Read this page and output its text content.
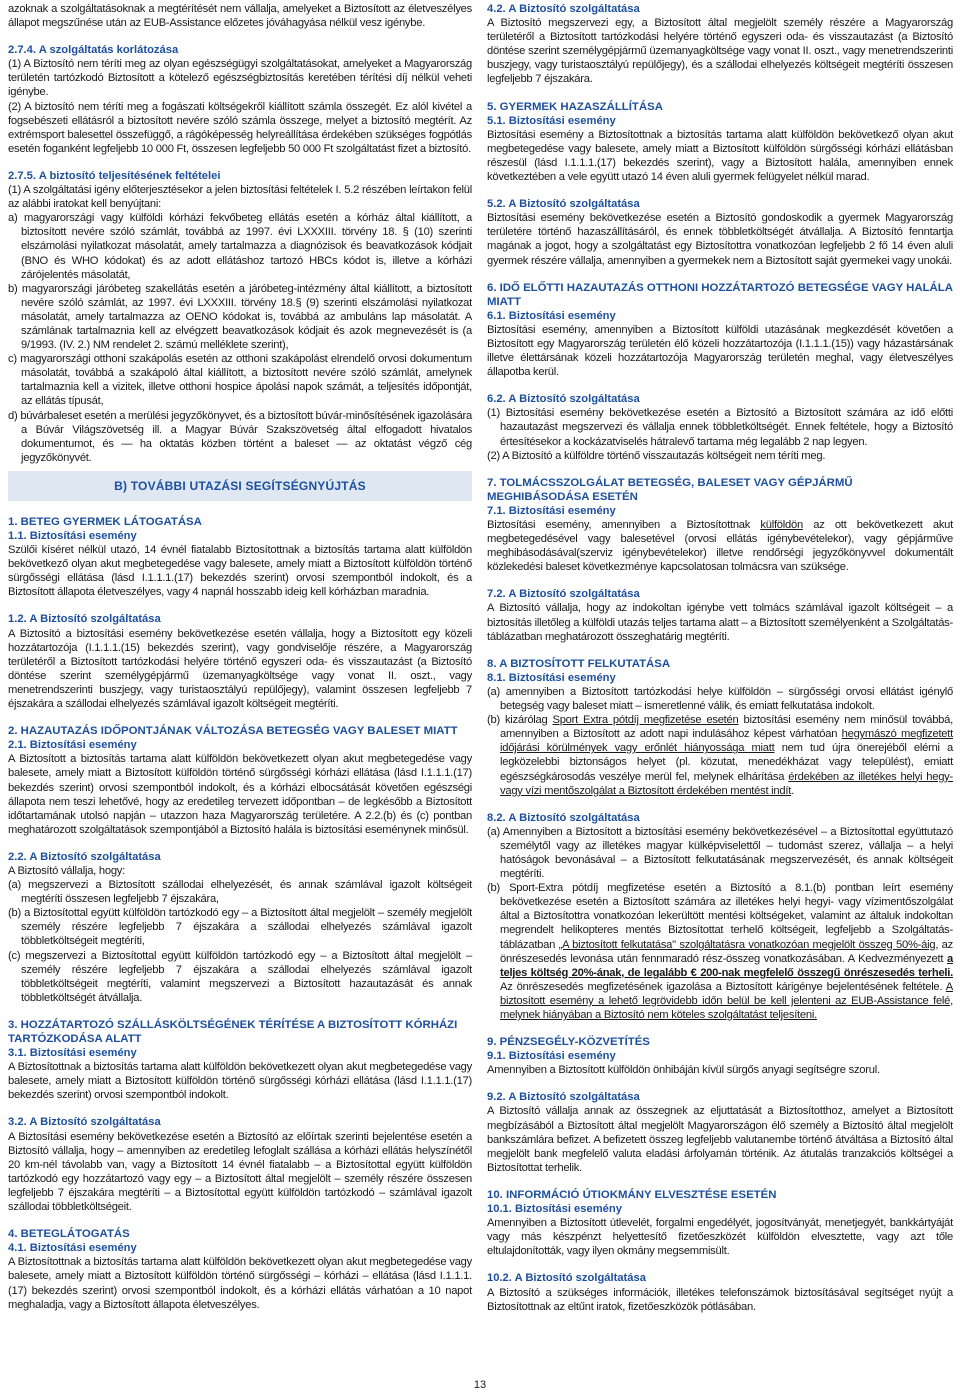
azoknak a szolgáltatásoknak a megtérítését nem vállalja, amelyeket a Biztosított az életveszélyes állapot megszűnése után az EUB-Assistance előzetes jóváhagyása nélkül vesz igénybe.

2.7.4. A szolgáltatás korlátozása

(1) A Biztosító nem téríti meg az olyan egészségügyi szolgáltatásokat, amelyeket a Magyarország területén tartózkodó Biztosított a kötelező egészségbiztosítás keretében térítési díj nélkül veheti igénybe.

(2) A biztosító nem téríti meg a fogászati költségekről kiállított számla összegét. Ez alól kivétel a fogsebészeti ellátásról a biztosított nevére szóló számla összege, melyet a biztosító megtérít. Az extrémsport balesettel összefüggő, a rágóképesség helyreállítása érdekében szükséges fogpótlás esetén foganként legfeljebb 10 000 Ft, összesen legfeljebb 50 000 Ft szolgáltatást fizet a biztosító.

2.7.5. A biztosító teljesítésének feltételei

(1) A szolgáltatási igény előterjesztésekor a jelen biztosítási feltételek I. 5.2 részében leírtakon felül az alábbi iratokat kell benyújtani:

a) magyarországi vagy külföldi kórházi fekvőbeteg ellátás esetén a kórház által kiállított, a biztosított nevére szóló számlát, továbbá az 1997. évi LXXXIII. törvény 18. § (10) szerinti elszámolási nyilatkozat másolatát, amely tartalmazza a diagnózisok és beavatkozások kódjait (BNO és WHO kódokat) és az adott ellátáshoz tartozó HBCs kódot is, illetve a kórházi zárójelentés másolatát,

b) magyarországi járóbeteg szakellátás esetén a járóbeteg-intézmény által kiállított, a biztosított nevére szóló számlát, az 1997. évi LXXXIII. törvény 18.§ (9) szerinti elszámolási nyilatkozat másolatát, amely tartalmazza az OENO kódokat is, továbbá az ambuláns lap másolatát. A számlának tartalmaznia kell az elvégzett beavatkozások kódjait és azok megnevezését is (a 9/1993. (IV. 2.) NM rendelet 2. számú melléklete szerint),

c) magyarországi otthoni szakápolás esetén az otthoni szakápolást elrendelő orvosi dokumentum másolatát, továbbá a szakápoló által kiállított, a biztosított nevére szóló számlát, amelynek tartalmaznia kell a vizitek, illetve otthoni hospice ápolási napok számát, a teljesítés időpontját, az ellátás típusát,

d) búvárbaleset esetén a merülési jegyzőkönyvet, és a biztosított búvár-minősítésének igazolására a Búvár Világszövetség ill. a Magyar Búvár Szakszövetség által elfogadott hivatalos dokumentumot, és — ha oktatás közben történt a baleset — az oktatást végző cég jegyzőkönyvét.

B) TOVÁBBI UTAZÁSI SEGÍTSÉGNYÚJTÁS

1. BETEG GYERMEK LÁTOGATÁSA

1.1. Biztosítási esemény

Szülői kíséret nélkül utazó, 14 évnél fiatalabb Biztosítottnak a biztosítás tartama alatt külföldön bekövetkező olyan akut megbetegedése vagy balesete, amely miatt a Biztosított külföldön történő sürgősségi ellátása (lásd I.1.1.1.(17) bekezdés szerint) orvosi szempontból indokolt, és a Biztosított állapota életveszélyes, vagy 4 napnál hosszabb ideig kell kórházban maradnia.

1.2. A Biztosító szolgáltatása

A Biztosító a biztosítási esemény bekövetkezése esetén vállalja, hogy a Biztosított egy közeli hozzátartozója (I.1.1.1.(15) bekezdés szerint), vagy gondviselője részére, a Magyarország területéről a Biztosított tartózkodási helyére történő egyszeri oda- és visszautazást (a Biztosító döntése szerint személygépjármű üzemanyagköltsége vagy vonat II. oszt., vagy menetrendszerinti buszjegy, vagy turistaosztályú repülőjegy), valamint összesen legfeljebb 7 éjszakára a szállodai elhelyezés számlával igazolt költségeit megtéríti.

2. HAZAUTAZÁS IDŐPONTJÁNAK VÁLTOZÁSA BETEGSÉG VAGY BALESET MIATT

2.1. Biztosítási esemény

A Biztosított a biztosítás tartama alatt külföldön bekövetkezett olyan akut megbetegedése vagy balesete, amely miatt a Biztosított külföldön történő sürgősségi kórházi ellátása (lásd I.1.1.1.(17) bekezdés szerint) orvosi szempontból indokolt, és a kórházi elbocsátását követően egészségi állapota nem teszi lehetővé, hogy az eredetileg tervezett időpontban – de legkésőbb a Biztosított időtartamának utolsó napján – utazzon haza Magyarország területére. A 2.2.(b) és (c) pontban meghatározott szolgáltatások szempontjából a Biztosító halála is biztosítási eseménynek minősül.

2.2. A Biztosító szolgáltatása

A Biztosító vállalja, hogy:

(a) megszervezi a Biztosított szállodai elhelyezését, és annak számlával igazolt költségeit megtéríti összesen legfeljebb 7 éjszakára,

(b) a Biztosítottal együtt külföldön tartózkodó egy – a Biztosított által megjelölt – személy megjelölt személy részére legfeljebb 7 éjszakára a szállodai elhelyezés számlával igazolt többletköltségeit megtéríti,

(c) megszervezi a Biztosítottal együtt külföldön tartózkodó egy – a Biztosított által megjelölt – személy részére legfeljebb 7 éjszakára a szállodai elhelyezés számlával igazolt többletköltségeit megtéríti, valamint megszervezi a Biztosított hazautazását és annak többletköltségét átvállalja.

3. HOZZÁTARTOZÓ SZÁLLÁSKÖLTSÉGÉNEK TÉRÍTÉSE A BIZTOSÍTOTT KÓRHÁZI TARTÓZKODÁSA ALATT

3.1. Biztosítási esemény

A Biztosítottnak a biztosítás tartama alatt külföldön bekövetkezett olyan akut megbetegedése vagy balesete, amely miatt a Biztosított külföldön történő sürgősségi kórházi ellátása (lásd I.1.1.1.(17) bekezdés szerint) orvosi szempontból indokolt.

3.2. A Biztosító szolgáltatása

A Biztosítási esemény bekövetkezése esetén a Biztosító az előírtak szerinti bejelentése esetén a Biztosító vállalja, hogy – amennyiben az eredetileg lefoglalt szállása a kórházi ellátás helyszínétől 20 km-nél távolabb van, vagy a Biztosított 14 évnél fiatalabb – a Biztosítottal együtt külföldön tartózkodó egy hozzátartozó vagy egy – a Biztosított által megjelölt – személy részére összesen legfeljebb 7 éjszakára megtéríti – a Biztosítottal együtt külföldön tartózkodó – számlával igazolt szállodai többletköltségeit.

4. BETEGLÁTOGATÁS

4.1. Biztosítási esemény

A Biztosítottnak a biztosítás tartama alatt külföldön bekövetkezett olyan akut megbetegedése vagy balesete, amely miatt a Biztosított külföldön történő sürgősségi – kórházi – ellátása (lásd I.1.1.1.(17) bekezdés szerint) orvosi szempontból indokolt, és a kórházi ellátás várhatóan a 10 napot meghaladja, vagy a Biztosított állapota életveszélyes.

4.2. A Biztosító szolgáltatása

A Biztosító megszervezi egy, a Biztosított által megjelölt személy részére a Magyarország területéről a Biztosított tartózkodási helyére történő egyszeri oda- és visszautazást (a Biztosító döntése szerint személygépjármű üzemanyagköltsége vagy vonat II. oszt., vagy menetrendszerinti buszjegy, vagy turistaosztályú repülőjegy), és a szállodai elhelyezés költségeit megtéríti összesen legfeljebb 7 éjszakára.

5. GYERMEK HAZASZÁLLÍTÁSA

5.1. Biztosítási esemény

Biztosítási esemény a Biztosítottnak a biztosítás tartama alatt külföldön bekövetkező olyan akut megbetegedése vagy balesete, amely miatt a Biztosított külföldön sürgősségi kórházi ellátásban részesül (lásd I.1.1.1.(17) bekezdés szerint), vagy a Biztosított halála, amennyiben ennek következtében a vele együtt utazó 14 éven aluli gyermek felügyelet nélkül marad.

5.2. A Biztosító szolgáltatása

Biztosítási esemény bekövetkezése esetén a Biztosító gondoskodik a gyermek Magyarország területére történő hazaszállításáról, és ennek többletköltségét átvállalja. A Biztosító fenntartja magának a jogot, hogy a szolgáltatást egy Biztosítottra vonatkozóan legfeljebb 2 fő 14 éven aluli gyermek részére vállalja, amennyiben a gyermekek nem a Biztosított saját gyermekei vagy unokái.

6. IDŐ ELŐTTI HAZAUTAZÁS OTTHONI HOZZÁTARTOZÓ BETEGSÉGE VAGY HALÁLA MIATT

6.1. Biztosítási esemény

Biztosítási esemény, amennyiben a Biztosított külföldi utazásának megkezdését követően a Biztosított egy Magyarország területén élő közeli hozzátartozója (I.1.1.1.(15)) vagy házastársának illetve élettársának közeli hozzátartozója Magyarország területén meghal, vagy életveszélyes állapotba kerül.

6.2. A Biztosító szolgáltatása

(1) Biztosítási esemény bekövetkezése esetén a Biztosító a Biztosított számára az idő előtti hazautazást megszervezi és vállalja ennek többletköltségét. Ennek feltétele, hogy a Biztosító értesítésekor a kockázatviselés hátralevő tartama még legalább 2 nap legyen.

(2) A Biztosító a külföldre történő visszautazás költségeit nem téríti meg.

7. TOLMÁCSSZOLGÁLAT BETEGSÉG, BALESET VAGY GÉPJÁRMŰ MEGHIBÁSODÁSA ESETÉN

7.1. Biztosítási esemény

Biztosítási esemény, amennyiben a Biztosítottnak külföldön az ott bekövetkezett akut megbetegedésével vagy balesetével (orvosi ellátás igénybevételekor), vagy gépjárműve meghibásodásával(szerviz igénybevételekor) illetve rendőrségi jegyzőkönyvvel dokumentált közlekedési baleset következménye kapcsolatosan tolmácsra van szüksége.

7.2. A Biztosító szolgáltatása

A Biztosító vállalja, hogy az indokoltan igénybe vett tolmács számlával igazolt költségeit – a biztosítás illetőleg a külföldi utazás teljes tartama alatt – a Biztosított személyenként a Szolgáltatás-táblázatban meghatározott összeghatárig megtéríti.

8. A BIZTOSÍTOTT FELKUTATÁSA

8.1. Biztosítási esemény

(a) amennyiben a Biztosított tartózkodási helye külföldön – sürgősségi orvosi ellátást igénylő betegség vagy baleset miatt – ismeretlenné válik, és emiatt felkutatása indokolt.

(b) kizárólag Sport Extra pótdíj megfizetése esetén biztosítási esemény nem minősül továbbá, amennyiben a Biztosított az adott napi indulásához képest várhatóan hegymászó megfizetett időjárási körülmények vagy erőnlét hiányossága miatt nem tud újra önerejéből elérni a legközelebbi biztonságos helyet (pl. közutat, menedékházat vagy települést), emiatt egészségkárosodás veszélye merül fel, melynek elhárítása érdekében az illetékes helyi hegy- vagy vízi mentőszolgálat a Biztosított érdekében mentést indít.

8.2. A Biztosító szolgáltatása

(a) Amennyiben a Biztosított a biztosítási esemény bekövetkezésével – a Biztosítottal együttutazó személytől vagy az illetékes magyar külképviselettől – tudomást szerez, vállalja – a helyi hatóságok bevonásával – a Biztosított felkutatásának megszervezését, és annak költségeit megtéríti.

(b) Sport-Extra pótdíj megfizetése esetén a Biztosító a 8.1.(b) pontban leírt esemény bekövetkezése esetén a Biztosított számára az illetékes helyi hegyi- vagy vízimentőszolgálat által a Biztosítottra vonatkozóan lekerültött mentési költségeket, valamint az általuk indokoltan megrendelt helikopteres mentés Biztosítottat terhelő költségeit, legfeljebb a Szolgáltatás-táblázatban „A biztosított felkutatása" szolgáltatásra vonatkozóan megjelölt összeg 50%-áig, az önrészesedés levonása után fennmaradó rész-összeg vonatkozásában. A Kedvezményezett a teljes költség 20%-ának, de legalább € 200-nak megfelelő összegű önrészesedés terheli. Az önrészesedés megfizetésének igazolása a Biztosított kárigénye bejelentésének feltétele. A biztosított esemény a lehető legrövidebb időn belül be kell jelenteni az EUB-Assistance felé, melynek hiányában a Biztosító nem köteles szolgáltatást teljesíteni.

9. PÉNZSEGÉLY-KÖZVETÍTÉS

9.1. Biztosítási esemény

Amennyiben a Biztosított külföldön önhibáján kívül sürgős anyagi segítségre szorul.

9.2. A Biztosító szolgáltatása

A Biztosító vállalja annak az összegnek az eljuttatását a Biztosítotthoz, amelyet a Biztosított megbízásából a Biztosított által megjelölt Magyarországon élő személy a Biztosító által megjelölt bankszámlára befizet. A befizetett összeg legfeljebb valutanembe történő átváltása a Biztosító által megjelölt bank megfelelő valuta eladási árfolyamán történik. Az átutalás tranzakciós költségei a Biztosítottat terhelik.

10. INFORMÁCIÓ ÚTIOKMÁNY ELVESZTÉSE ESETÉN

10.1. Biztosítási esemény

Amennyiben a Biztosított útlevelét, forgalmi engedélyét, jogosítványát, menetjegyét, bankkártyáját vagy más készpénzt helyettesítő fizetőeszközét külföldön elvesztette, vagy azt tőle eltulajdonították, vagy ilyen okmány megsemmisült.

10.2. A Biztosító szolgáltatása

A Biztosító a szükséges információk, illetékes telefonszámok biztosításával segítséget nyújt a Biztosítottnak az eltűnt iratok, fizetőeszközök pótlásában.

13
